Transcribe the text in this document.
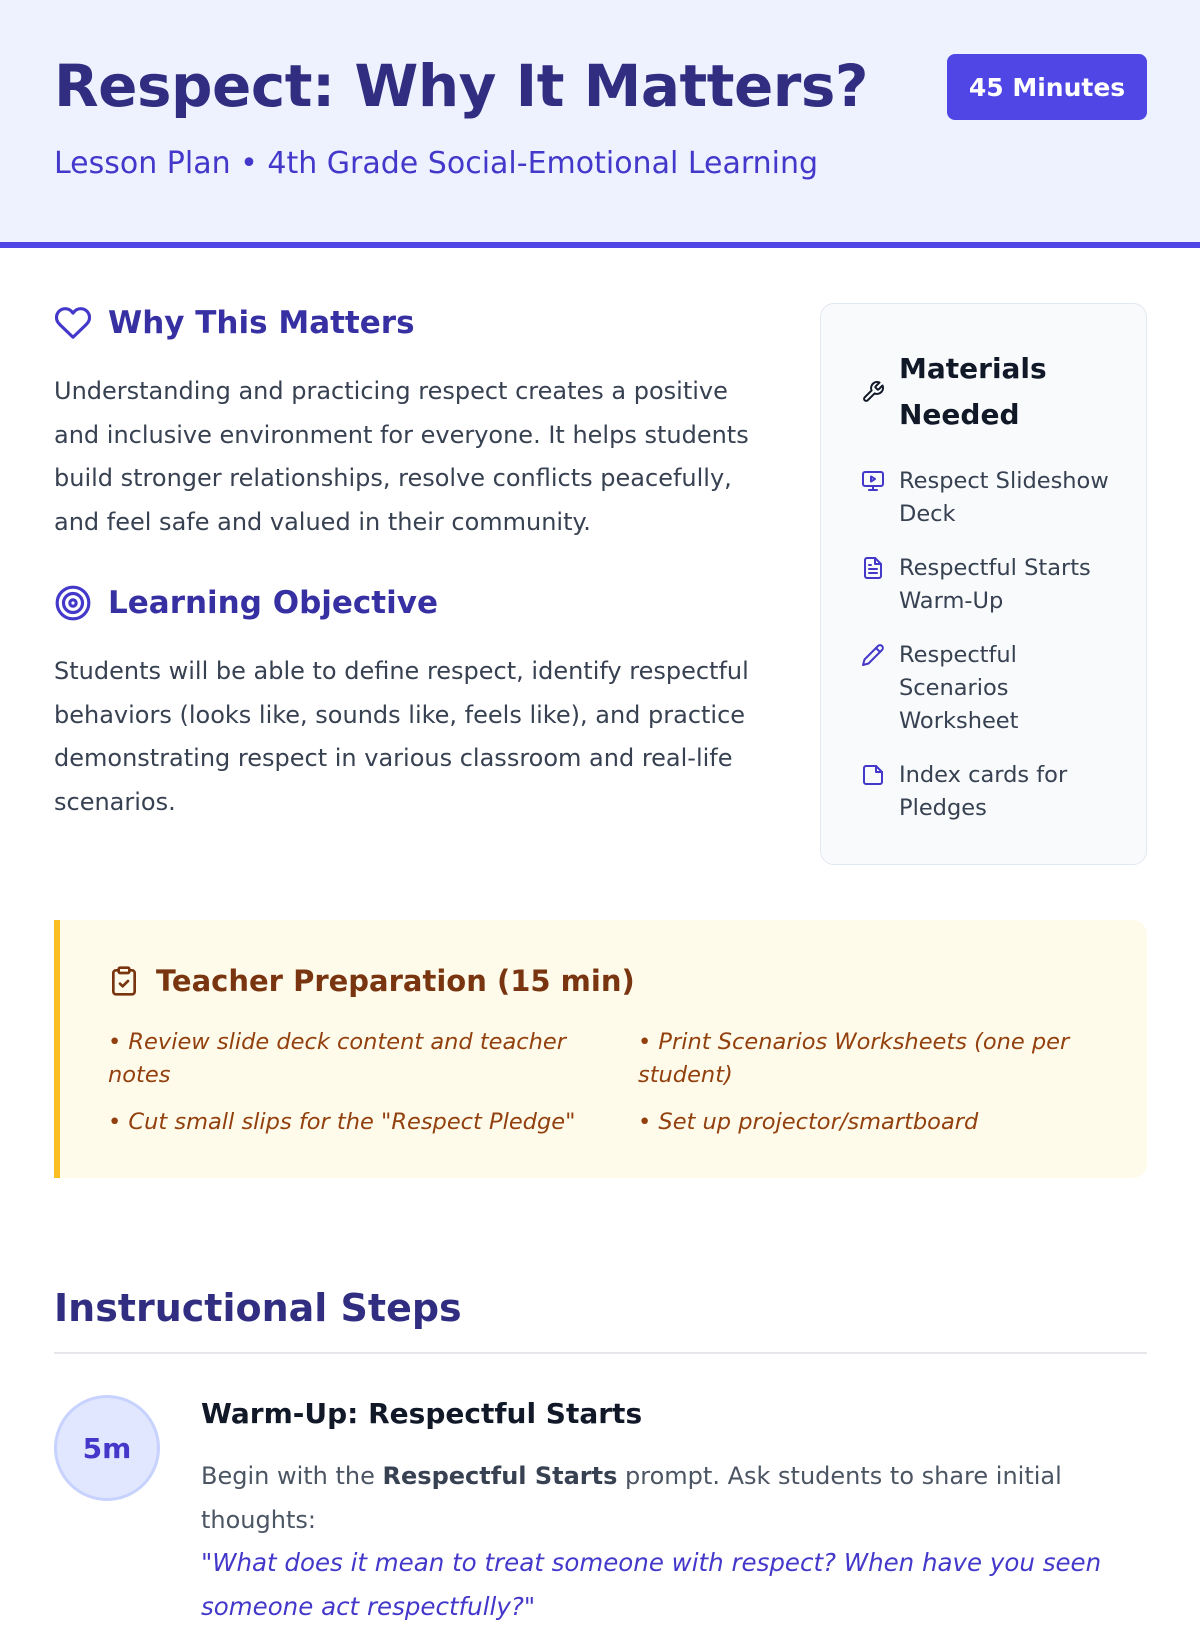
Respect: Why It Matters?
Lesson Plan • 4th Grade Social-Emotional Learning
45 Minutes
Why This Matters

Understanding and practicing respect creates a positive and inclusive environment for everyone. It helps students build stronger relationships, resolve conflicts peacefully, and feel safe and valued in their community.

Learning Objective

Students will be able to define respect, identify respectful behaviors (looks like, sounds like, feels like), and practice demonstrating respect in various classroom and real-life scenarios.

Materials Needed
Respect Slideshow Deck
Respectful Starts Warm-Up
Respectful Scenarios Worksheet
Index cards for Pledges
Teacher Preparation (15 min)
• Review slide deck content and teacher notes
• Print Scenarios Worksheets (one per student)
• Cut small slips for the "Respect Pledge"	• Set up projector/smartboard
Instructional Steps
5m
Warm-Up: Respectful Starts

Begin with the Respectful Starts prompt. Ask students to share initial thoughts:

"What does it mean to treat someone with respect? When have you seen someone act respectfully?"
